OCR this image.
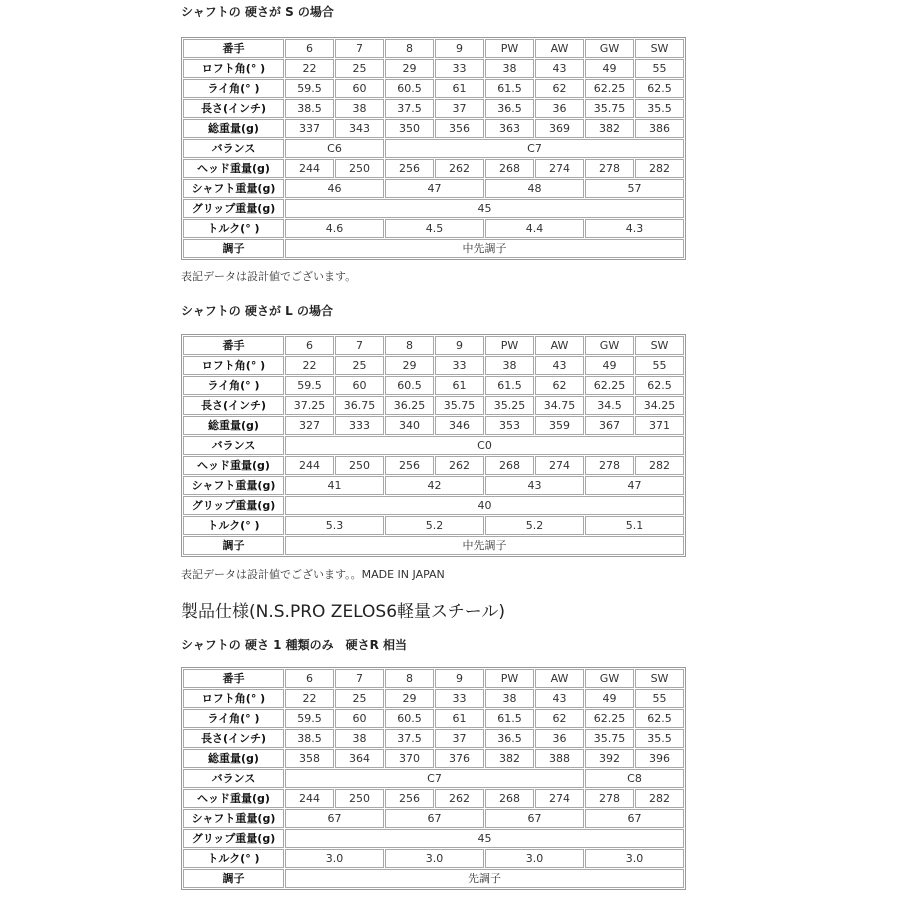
シャフトの 硬さが S の場合
番手	6	7	8	9	PW	AW	GW	SW
ロフト角(° )	22	25	29	33	38	43	49	55
ライ角(° )	59.5	60	60.5	61	61.5	62	62.25	62.5
長さ(インチ)	38.5	38	37.5	37	36.5	36	35.75	35.5
総重量(g)	337	343	350	356	363	369	382	386
バランス	C6		C7					
ヘッド重量(g)	244	250	256	262	268	274	278	282
シャフト重量(g)	46		47		48		57	
グリップ重量(g)	45							
トルク(° )	4.6		4.5		4.4		4.3	
調子	中先調子							
表記データは設計値でございます。
シャフトの 硬さが L の場合
番手	6	7	8	9	PW	AW	GW	SW
ロフト角(° )	22	25	29	33	38	43	49	55
ライ角(° )	59.5	60	60.5	61	61.5	62	62.25	62.5
長さ(インチ)	37.25	36.75	36.25	35.75	35.25	34.75	34.5	34.25
総重量(g)	327	333	340	346	353	359	367	371
バランス	C0							
ヘッド重量(g)	244	250	256	262	268	274	278	282
シャフト重量(g)	41		42		43		47	
グリップ重量(g)	40							
トルク(° )	5.3		5.2		5.2		5.1	
調子	中先調子							
表記データは設計値でございます。。MADE IN JAPAN
製品仕様(N.S.PRO ZELOS6軽量スチール)
シャフトの 硬さ 1 種類のみ　硬さR 相当
番手	6	7	8	9	PW	AW	GW	SW
ロフト角(° )	22	25	29	33	38	43	49	55
ライ角(° )	59.5	60	60.5	61	61.5	62	62.25	62.5
長さ(インチ)	38.5	38	37.5	37	36.5	36	35.75	35.5
総重量(g)	358	364	370	376	382	388	392	396
バランス	C7						C8	
ヘッド重量(g)	244	250	256	262	268	274	278	282
シャフト重量(g)	67		67		67		67	
グリップ重量(g)	45							
トルク(° )	3.0		3.0		3.0		3.0	
調子	先調子							
